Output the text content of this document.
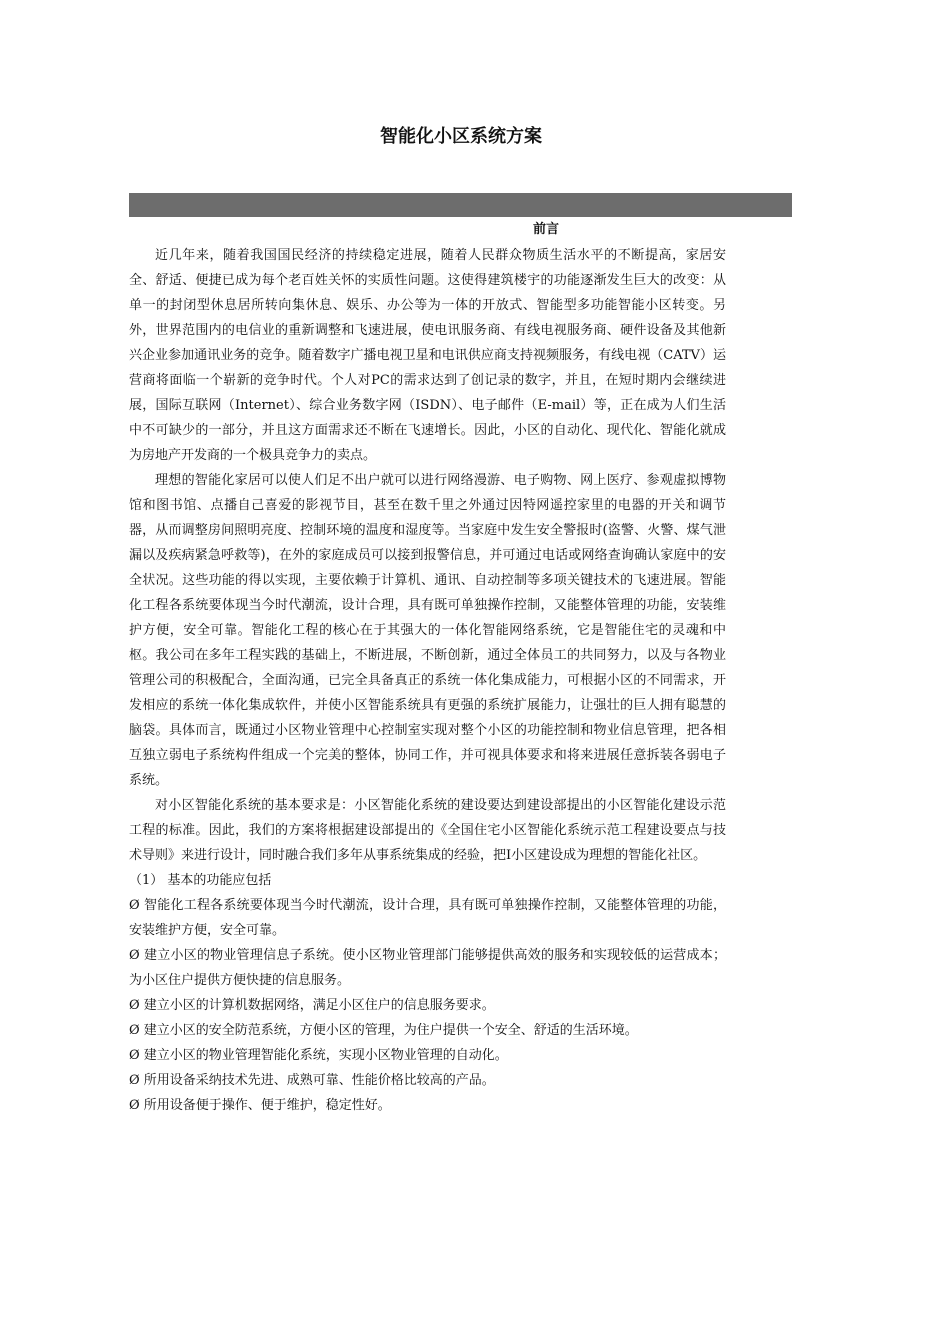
智能化小区系统方案
前言

近几年来，随着我国国民经济的持续稳定进展，随着人民群众物质生活水平的不断提高，家居安全、舒适、便捷已成为每个老百姓关怀的实质性问题。这使得建筑楼宇的功能逐渐发生巨大的改变：从单一的封闭型休息居所转向集休息、娱乐、办公等为一体的开放式、智能型多功能智能小区转变。另外，世界范围内的电信业的重新调整和飞速进展，使电讯服务商、有线电视服务商、硬件设备及其他新兴企业参加通讯业务的竞争。随着数字广播电视卫星和电讯供应商支持视频服务，有线电视（CATV）运营商将面临一个崭新的竞争时代。个人对PC的需求达到了创记录的数字，并且，在短时期内会继续进展，国际互联网（Internet）、综合业务数字网（ISDN）、电子邮件（E-mail）等，正在成为人们生活中不可缺少的一部分，并且这方面需求还不断在飞速增长。因此，小区的自动化、现代化、智能化就成为房地产开发商的一个极具竞争力的卖点。

理想的智能化家居可以使人们足不出户就可以进行网络漫游、电子购物、网上医疗、参观虚拟博物馆和图书馆、点播自己喜爱的影视节目，甚至在数千里之外通过因特网遥控家里的电器的开关和调节器，从而调整房间照明亮度、控制环境的温度和湿度等。当家庭中发生安全警报时(盗警、火警、煤气泄漏以及疾病紧急呼救等)，在外的家庭成员可以接到报警信息，并可通过电话或网络查询确认家庭中的安全状况。这些功能的得以实现，主要依赖于计算机、通讯、自动控制等多项关键技术的飞速进展。智能化工程各系统要体现当今时代潮流，设计合理，具有既可单独操作控制，又能整体管理的功能，安装维护方便，安全可靠。智能化工程的核心在于其强大的一体化智能网络系统，它是智能住宅的灵魂和中枢。我公司在多年工程实践的基础上，不断进展，不断创新，通过全体员工的共同努力，以及与各物业管理公司的积极配合，全面沟通，已完全具备真正的系统一体化集成能力，可根据小区的不同需求，开发相应的系统一体化集成软件，并使小区智能系统具有更强的系统扩展能力，让强壮的巨人拥有聪慧的脑袋。具体而言，既通过小区物业管理中心控制室实现对整个小区的功能控制和物业信息管理，把各相互独立弱电子系统构件组成一个完美的整体，协同工作，并可视具体要求和将来进展任意拆装各弱电子系统。

对小区智能化系统的基本要求是：小区智能化系统的建设要达到建设部提出的小区智能化建设示范工程的标准。因此，我们的方案将根据建设部提出的《全国住宅小区智能化系统示范工程建设要点与技术导则》来进行设计，同时融合我们多年从事系统集成的经验，把Ⅰ小区建设成为理想的智能化社区。

（1） 基本的功能应包括

Ø 智能化工程各系统要体现当今时代潮流，设计合理，具有既可单独操作控制，又能整体管理的功能，安装维护方便，安全可靠。
Ø 建立小区的物业管理信息子系统。使小区物业管理部门能够提供高效的服务和实现较低的运营成本；为小区住户提供方便快捷的信息服务。
Ø 建立小区的计算机数据网络，满足小区住户的信息服务要求。
Ø 建立小区的安全防范系统，方便小区的管理，为住户提供一个安全、舒适的生活环境。
Ø 建立小区的物业管理智能化系统，实现小区物业管理的自动化。
Ø 所用设备采纳技术先进、成熟可靠、性能价格比较高的产品。
Ø 所用设备便于操作、便于维护，稳定性好。
